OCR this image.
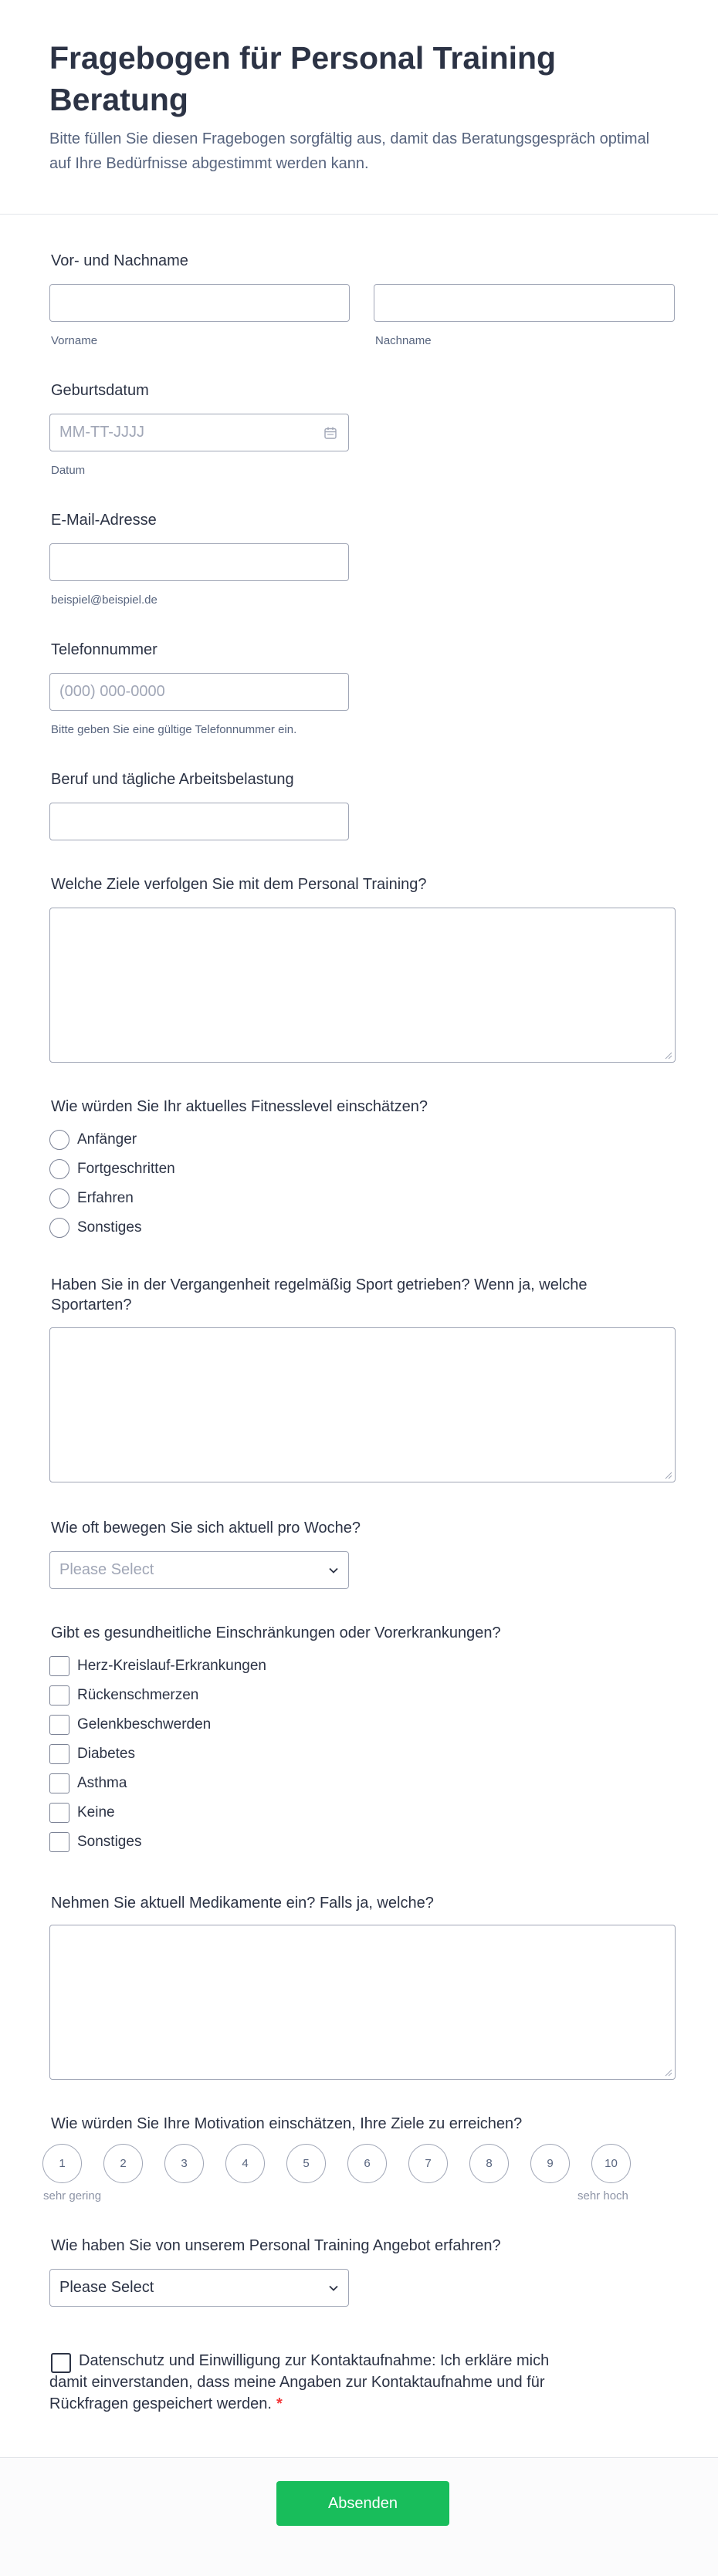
Fragebogen für Personal Training Beratung
Bitte füllen Sie diesen Fragebogen sorgfältig aus, damit das Beratungsgespräch optimal auf Ihre Bedürfnisse abgestimmt werden kann.
Vor- und Nachname
Vorname	Nachname
Geburtsdatum
MM-TT-JJJJ
Datum
E-Mail-Adresse
beispiel@beispiel.de
Telefonnummer
(000) 000-0000
Bitte geben Sie eine gültige Telefonnummer ein.
Beruf und tägliche Arbeitsbelastung
Welche Ziele verfolgen Sie mit dem Personal Training?
Wie würden Sie Ihr aktuelles Fitnesslevel einschätzen?
Anfänger
Fortgeschritten
Erfahren
Sonstiges
Haben Sie in der Vergangenheit regelmäßig Sport getrieben? Wenn ja, welche Sportarten?
Wie oft bewegen Sie sich aktuell pro Woche?
Please Select
Gibt es gesundheitliche Einschränkungen oder Vorerkrankungen?
Herz-Kreislauf-Erkrankungen
Rückenschmerzen
Gelenkbeschwerden
Diabetes
Asthma
Keine
Sonstiges
Nehmen Sie aktuell Medikamente ein? Falls ja, welche?
Wie würden Sie Ihre Motivation einschätzen, Ihre Ziele zu erreichen?
1	2	3	4	5	6	7	8	9	10
sehr gering	sehr hoch
Wie haben Sie von unserem Personal Training Angebot erfahren?
Please Select
Datenschutz und Einwilligung zur Kontaktaufnahme: Ich erkläre mich damit einverstanden, dass meine Angaben zur Kontaktaufnahme und für Rückfragen gespeichert werden. *
Absenden
